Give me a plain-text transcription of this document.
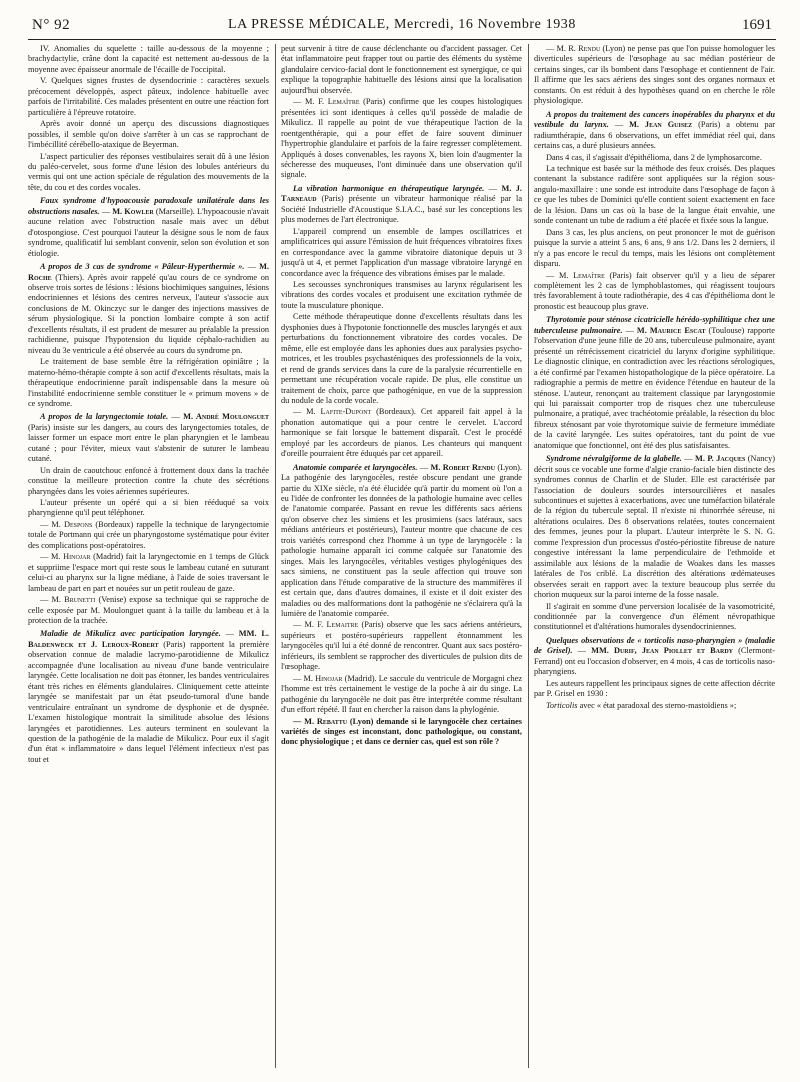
N° 92	LA PRESSE MÉDICALE, Mercredi, 16 Novembre 1938	1691

IV. Anomalies du squelette : taille au-dessous de la moyenne ; brachydactylie, crâne dont la capacité est nettement au-dessous de la moyenne avec épaisseur anormale de l'écaille de l'occipital.

V. Quelques signes frustes de dysendocrinie : caractères sexuels précocement développés, aspect pâteux, indolence habituelle avec parfois de l'irritabilité. Ces malades présentent en outre une réaction fort particulière à l'épreuve rotatoire.

Après avoir donné un aperçu des discussions diagnostiques possibles, il semble qu'on doive s'arrêter à un cas se rapprochant de l'imbécillité cérébello-ataxique de Beyerman.

L'aspect particulier des réponses vestibulaires serait dû à une lésion du paléo-cervelet, sous forme d'une lésion des lobules antérieurs du vermis qui ont une action spéciale de régulation des mouvements de la tête, du cou et des cordes vocales.

Faux syndrome d'hypoacousie paradoxale unilatérale dans les obstructions nasales. — M. Kowler (Marseille). L'hypoacousie n'avait aucune relation avec l'obstruction nasale mais avec un début d'otospongiose. C'est pourquoi l'auteur la désigne sous le nom de faux syndrome, qualificatif lui semblant convenir, selon son évolution et son étiologie.

A propos de 3 cas de syndrome « Pâleur-Hyperthermie ». — M. Roche (Thiers). Après avoir rappelé qu'au cours de ce syndrome on observe trois sortes de lésions : lésions biochimiques sanguines, lésions endocriniennes et lésions des centres nerveux, l'auteur s'associe aux conclusions de M. Okinczyc sur le danger des injections massives de sérum physiologique. Si la ponction lombaire compte à son actif d'excellents résultats, il est prudent de mesurer au préalable la pression rachidienne, puisque l'hypotension du liquide céphalo-rachidien au niveau du 3e ventricule a été observée au cours du syndrome pn.

Le traitement de base semble être la réfrigération opiniâtre ; la materno-hémo-thérapie compte à son actif d'excellents résultats, mais la thérapeutique endocrinienne paraît indispensable dans la mesure où l'instabilité endocrinienne semble constituer le « primum movens » de ce syndrome.

A propos de la laryngectomie totale. — M. André Moulonguet (Paris) insiste sur les dangers, au cours des laryngectomies totales, de laisser former un espace mort entre le plan pharyngien et le lambeau cutané ; pour l'éviter, mieux vaut s'abstenir de suturer le lambeau cutané.

Un drain de caoutchouc enfoncé à frottement doux dans la trachée constitue la meilleure protection contre la chute des sécrétions pharyngées dans les voies aériennes supérieures.

L'auteur présente un opéré qui a si bien rééduqué sa voix pharyngienne qu'il peut téléphoner.

— M. Despons (Bordeaux) rappelle la technique de laryngectomie totale de Portmann qui crée un pharyngostome systématique pour éviter des complications post-opératoires.

— M. Hinojar (Madrid) fait la laryngectomie en 1 temps de Glück et suppriime l'espace mort qui reste sous le lambeau cutané en suturant celui-ci au pharynx sur la ligne médiane, à l'aide de soies traversant le lambeau de part en part et nouées sur un petit rouleau de gaze.

— M. Brunetti (Venise) expose sa technique qui se rapproche de celle exposée par M. Moulonguet quant à la taille du lambeau et à la protection de la trachée.

Maladie de Mikulicz avec participation laryngée. — MM. L. Baldenweck et J. Leroux-Robert (Paris) rapportent la première observation connue de maladie lacrymo-parotidienne de Mikulicz accompagnée d'une localisation au niveau d'une bande ventriculaire laryngée. Cette localisation ne doit pas étonner, les bandes ventriculaires étant très riches en éléments glandulaires. Cliniquement cette atteinte laryngée se manifestait par un état pseudo-tumoral d'une bande ventriculaire entraînant un syndrome de dysphonie et de dyspnée. L'examen histologique montrait la similitude absolue des lésions laryngées et parotidiennes. Les auteurs terminent en soulevant la question de la pathogénie de la maladie de Mikulicz. Pour eux il s'agit d'un état « inflammatoire » dans lequel l'élément infectieux n'est pas tout et

peut survenir à titre de cause déclenchante ou d'accident passager. Cet état inflammatoire peut frapper tout ou partie des éléments du système glandulaire cervico-facial dont le fonctionnement est synergique, ce qui explique la topographie habituelle des lésions ainsi que la localisation aujourd'hui observée.

— M. F. Lemaître (Paris) confirme que les coupes histologiques présentées ici sont identiques à celles qu'il possède de maladie de Mikulicz. Il rappelle au point de vue thérapeutique l'action de la roentgenthérapie, qui a pour effet de faire souvent diminuer l'hypertrophie glandulaire et parfois de la faire regresser complètement. Appliqués à doses convenables, les rayons X, bien loin d'augmenter la sécheresse des muqueuses, l'ont diminuée dans une observation qu'il signale.

La vibration harmonique en thérapeutique laryngée. — M. J. Tarneaud (Paris) présente un vibrateur harmonique réalisé par la Société Industrielle d'Acoustique S.I.A.C., basé sur les conceptions les plus modernes de l'art électronique.

L'appareil comprend un ensemble de lampes oscillatrices et amplificatrices qui assure l'émission de huit fréquences vibratoires fixes en correspondance avec la gamme vibratoire diatonique depuis ut 3 jusqu'à ut 4, et permet l'application d'un massage vibratoire laryngé en concordance avec la fréquence des vibrations émises par le malade.

Les secousses synchroniques transmises au larynx régularisent les vibrations des cordes vocales et produisent une excitation rythmée de toute la musculature phonique.

Cette méthode thérapeutique donne d'excellents résultats dans les dysphonies dues à l'hypotonie fonctionnelle des muscles laryngés et aux perturbations du fonctionnement vibratoire des cordes vocales. De même, elle est employée dans les aphonies dues aux paralysies psycho-motrices, et les troubles psychasténiques des professionnels de la voix, et rend de grands services dans la cure de la paralysie récurrentielle en permettant une récupération vocale rapide. De plus, elle constitue un traitement de choix, parce que pathogénique, en vue de la suppression du nodule de la corde vocale.

— M. Lafite-Dupont (Bordeaux). Cet appareil fait appel à la phonation automatique qui a pour centre le cervelet. L'accord harmonique se fait lorsque le battement disparaît. C'est le procédé employé par les accordeurs de pianos. Les chanteurs qui manquent d'oreille pourraient être éduqués par cet appareil.

Anatomie comparée et laryngocèles. — M. Robert Rendu (Lyon). La pathogénie des laryngocèles, restée obscure pendant une grande partie du XIXe siècle, n'a été élucidée qu'à partir du moment où l'on a eu l'idée de confronter les données de la pathologie humaine avec celles de l'anatomie comparée. Passant en revue les différents sacs aériens qu'on observe chez les simiens et les prosimiens (sacs latéraux, sacs médians antérieurs et postérieurs), l'auteur montre que chacune de ces trois variétés correspond chez l'homme à un type de laryngocèle : la pathologie humaine apparaît ici comme calquée sur l'anatomie des singes. Mais les laryngocèles, véritables vestiges phylogéniques des sacs simiens, ne constituent pas la seule affection qui trouve son application dans l'étude comparative de la structure des mammifères il est certain que, dans d'autres domaines, il existe et il doit exister des maladies ou des malformations dont la pathogénie ne s'éclairera qu'à la lumière de l'anatomie comparée.

— M. F. Lemaitre (Paris) observe que les sacs aériens antérieurs, supérieurs et postéro-supérieurs rappellent étonnamment les laryngocèles qu'il lui a été donné de rencontrer. Quant aux sacs postéro-inférieurs, ils semblent se rapprocher des diverticules de pulsion dits de l'œsophage.

— M. Hinojar (Madrid). Le saccule du ventricule de Morgagni chez l'homme est très certainement le vestige de la poche à air du singe. La pathogénie du laryngocèle ne doit pas être interprétée comme résultant d'un effort répété. Il faut en chercher la raison dans la phylogénie.

— M. Rebattu (Lyon) demande si le laryngocèle chez certaines variétés de singes est inconstant, donc pathologique, ou constant, donc physiologique ; et dans ce dernier cas, quel est son rôle ?

— M. R. Rendu (Lyon) ne pense pas que l'on puisse homologuer les diverticules supérieurs de l'œsophage au sac médian postérieur de certains singes, car ils bombent dans l'œsophage et contiennent de l'air. Il affirme que les sacs aériens des singes sont des organes normaux et constants. On est réduit à des hypothèses quand on en cherche le rôle physiologique.

A propos du traitement des cancers inopérables du pharynx et du vestibule du larynx. — M. Jean Guisez (Paris) a obtenu par radiumthérapie, dans 6 observations, un effet immédiat réel qui, dans certains cas, a duré plusieurs années.

Dans 4 cas, il s'agissait d'épithélioma, dans 2 de lymphosarcome.

La technique est basée sur la méthode des feux croisés. Des plaques contenant la substance radifère sont appliquées sur la région sous-angulo-maxillaire : une sonde est introduite dans l'œsophage de façon à ce que les tubes de Dominici qu'elle contient soient exactement en face de la lésion. Dans un cas où la base de la langue était envahie, une sonde contenant un tube de radium a été placée et fixée sous la langue.

Dans 3 cas, les plus anciens, on peut prononcer le mot de guérison puisque la survie a atteint 5 ans, 6 ans, 9 ans 1/2. Dans les 2 derniers, il n'y a pas encore le recul du temps, mais les lésions ont complètement disparu.

— M. Lemaître (Paris) fait observer qu'il y a lieu de séparer complètement les 2 cas de lymphoblastomes, qui réagissent toujours très favorablement à toute radiothérapie, des 4 cas d'épithélioma dont le pronostic est beaucoup plus grave.

Thyrotomie pour sténose cicatricielle hérédo-syphilitique chez une tuberculeuse pulmonaire. — M. Maurice Escat (Toulouse) rapporte l'observation d'une jeune fille de 20 ans, tuberculeuse pulmonaire, ayant présenté un rétrécissement cicatriciel du larynx d'origine syphilitique. Le diagnostic clinique, en contradiction avec les réactions sérologiques, a été confirmé par l'examen histopathologique de la pièce opératoire. La radiographie a permis de mettre en évidence l'étendue en hauteur de la sténose. L'auteur, renonçant au traitement classique par laryngostomie qui lui paraissait comporter trop de risques chez une tuberculeuse pulmonaire, a pratiqué, avec trachéotomie préalable, la résection du bloc fibreux sténosant par voie thyrotomique suivie de fermeture immédiate de la cavité laryngée. Les suites opératoires, tant du point de vue anatomique que fonctionnel, ont été des plus satisfaisantes.

Syndrome névralgiforme de la glabelle. — M. P. Jacques (Nancy) décrit sous ce vocable une forme d'algie cranio-faciale bien distincte des syndromes connus de Charlin et de Sluder. Elle est caractérisée par l'association de douleurs sourdes intersourcilières et nasales subcontinues et sujettes à exacerbations, avec une tuméfaction bilatérale de la région du tubercule septal. Il n'existe ni rhinorrhée séreuse, ni altérations oculaires. Des 8 observations relatées, toutes concernaient des femmes, jeunes pour la plupart. L'auteur interprète le S. N. G. comme l'expression d'un processus d'ostéo-périostite fibreuse de nature congestive intéressant la lame perpendiculaire de l'ethmoïde et assimilable aux lésions de la maladie de Woakes dans les masses latérales de l'os criblé. La discrétion des altérations œdémateuses observées serait en rapport avec la texture beaucoup plus serrée du chorion muqueux sur la paroi interne de la fosse nasale.

Il s'agirait en somme d'une perversion localisée de la vasomotricité, conditionnée par la convergence d'un élément névropathique constitutionnel et d'altérations humorales dysendocriniennes.

Quelques observations de « torticolis naso-pharyngien » (maladie de Grisel). — MM. Durif, Jean Piollet et Bardy (Clermont-Ferrand) ont eu l'occasion d'observer, en 4 mois, 4 cas de torticolis naso-pharyngiens.

Les auteurs rappellent les principaux signes de cette affection décrite par P. Grisel en 1930 :

Torticolis avec « état paradoxal des sterno-mastoïdiens »;
